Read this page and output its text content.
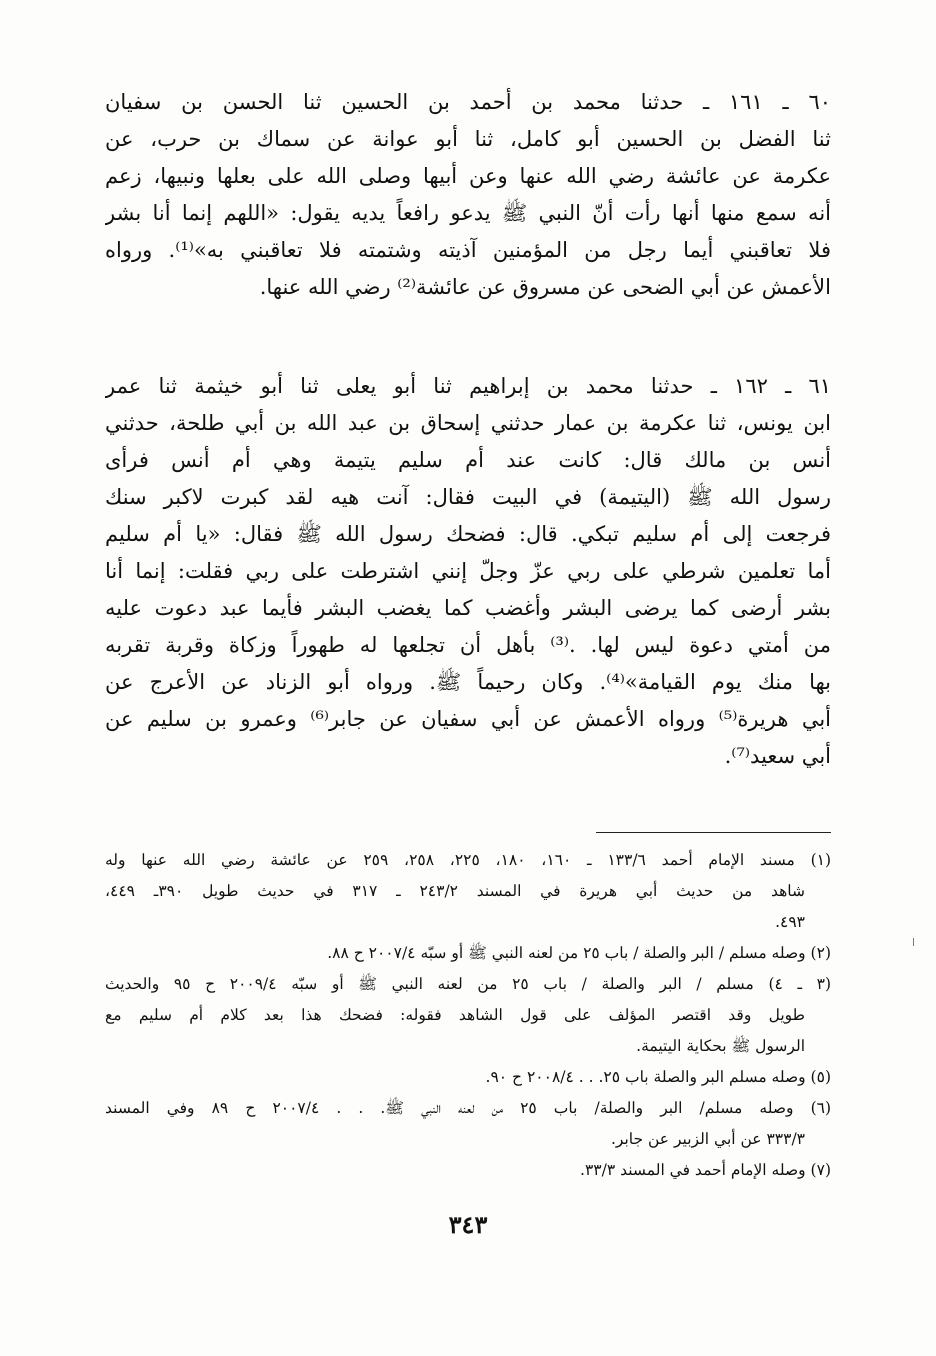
٦٠ ـ ١٦١ ـ حدثنا محمد بن أحمد بن الحسين ثنا الحسن بن سفيان
ثنا الفضل بن الحسين أبو كامل، ثنا أبو عوانة عن سماك بن حرب، عن
عكرمة عن عائشة رضي الله عنها وعن أبيها وصلى الله على بعلها ونبيها، زعم
أنه سمع منها أنها رأت أنّ النبي ﷺ يدعو رافعاً يديه يقول: «اللهم إنما أنا بشر
فلا تعاقبني أيما رجل من المؤمنين آذيته وشتمته فلا تعاقبني به»⁽¹⁾. ورواه
الأعمش عن أبي الضحى عن مسروق عن عائشة⁽²⁾ رضي الله عنها.
٦١ ـ ١٦٢ ـ حدثنا محمد بن إبراهيم ثنا أبو يعلى ثنا أبو خيثمة ثنا عمر
ابن يونس، ثنا عكرمة بن عمار حدثني إسحاق بن عبد الله بن أبي طلحة، حدثني
أنس بن مالك قال: كانت عند أم سليم يتيمة وهي أم أنس فرأى
رسول الله ﷺ (اليتيمة) في البيت فقال: آنت هيه لقد كبرت لاكبر سنك
فرجعت إلى أم سليم تبكي. قال: فضحك رسول الله ﷺ فقال: «يا أم سليم
أما تعلمين شرطي على ربي عزّ وجلّ إنني اشترطت على ربي فقلت: إنما أنا
بشر أرضى كما يرضى البشر وأغضب كما يغضب البشر فأيما عبد دعوت عليه
من أمتي دعوة ليس لها. .⁽³⁾ بأهل أن تجلعها له طهوراً وزكاة وقربة تقربه
بها منك يوم القيامة»⁽⁴⁾. وكان رحيماً ﷺ. ورواه أبو الزناد عن الأعرج عن
أبي هريرة⁽⁵⁾ ورواه الأعمش عن أبي سفيان عن جابر⁽⁶⁾ وعمرو بن سليم عن
أبي سعيد⁽⁷⁾.
(١) مسند الإمام أحمد ١٣٣/٦ ـ ١٦٠، ١٨٠، ٢٢٥، ٢٥٨، ٢٥٩ عن عائشة رضي الله عنها وله
شاهد من حديث أبي هريرة في المسند ٢٤٣/٢ ـ ٣١٧ في حديث طويل ٣٩٠ـ ٤٤٩،
٤٩٣.
(٢) وصله مسلم / البر والصلة / باب ٢٥ من لعنه النبي ﷺ أو سبّه ٢٠٠٧/٤ ح ٨٨.
(٣ ـ ٤) مسلم / البر والصلة / باب ٢٥ من لعنه النبي ﷺ أو سبّه ٢٠٠٩/٤ ح ٩٥ والحديث
طويل وقد اقتصر المؤلف على قول الشاهد فقوله: فضحك هذا بعد كلام أم سليم مع
الرسول ﷺ بحكاية اليتيمة.
(٥) وصله مسلم البر والصلة باب ٢٥. . . ٢٠٠٨/٤ ح ٩٠.
(٦) وصله مسلم/ البر والصلة/ باب ٢٥ من لعنه النبي ﷺ. . . ٢٠٠٧/٤ ح ٨٩ وفي المسند
٣٣٣/٣ عن أبي الزبير عن جابر.
(٧) وصله الإمام أحمد في المسند ٣٣/٣.
٣٤٣
